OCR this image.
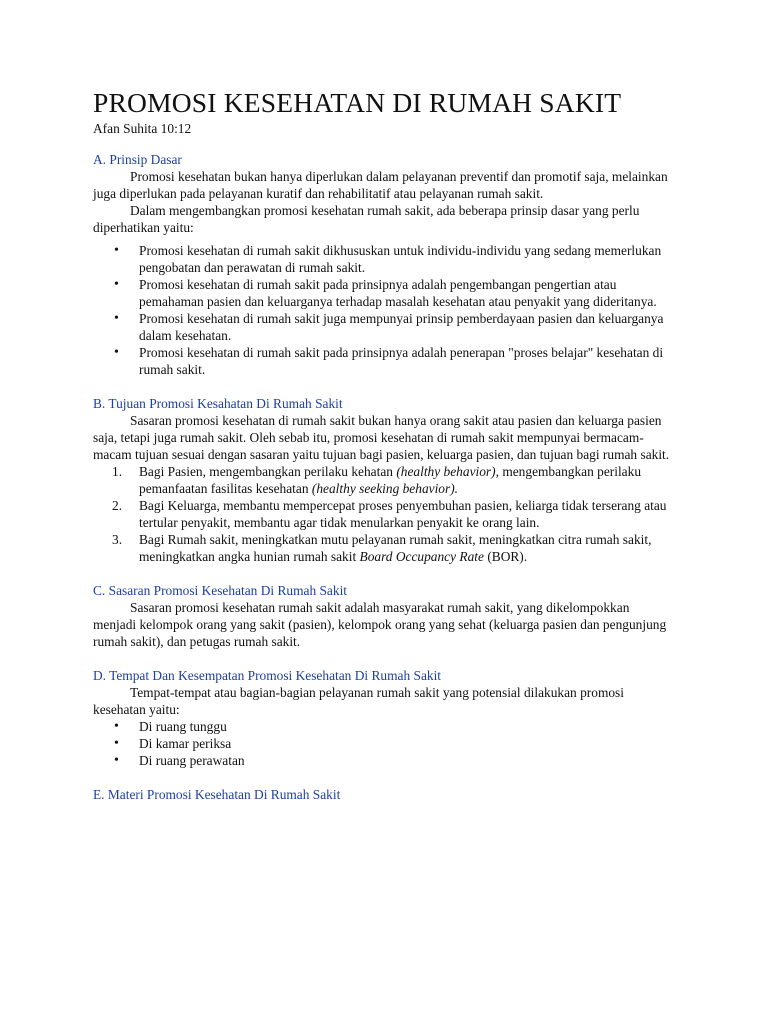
PROMOSI KESEHATAN DI RUMAH SAKIT
Afan Suhita 10:12
A. Prinsip Dasar

Promosi kesehatan bukan hanya diperlukan dalam pelayanan preventif dan promotif saja, melainkan juga diperlukan pada pelayanan kuratif dan rehabilitatif atau pelayanan rumah sakit.

Dalam mengembangkan promosi kesehatan rumah sakit, ada beberapa prinsip dasar yang perlu diperhatikan yaitu:

• Promosi kesehatan di rumah sakit dikhususkan untuk individu-individu yang sedang memerlukan pengobatan dan perawatan di rumah sakit.
• Promosi kesehatan di rumah sakit pada prinsipnya adalah pengembangan pengertian atau pemahaman pasien dan keluarganya terhadap masalah kesehatan atau penyakit yang dideritanya.
• Promosi kesehatan di rumah sakit juga mempunyai prinsip pemberdayaan pasien dan keluarganya dalam kesehatan.
• Promosi kesehatan di rumah sakit pada prinsipnya adalah penerapan "proses belajar" kesehatan di rumah sakit.
B. Tujuan Promosi Kesahatan Di Rumah Sakit

Sasaran promosi kesehatan di rumah sakit bukan hanya orang sakit atau pasien dan keluarga pasien saja, tetapi juga rumah sakit. Oleh sebab itu, promosi kesehatan di rumah sakit mempunyai bermacam-macam tujuan sesuai dengan sasaran yaitu tujuan bagi pasien, keluarga pasien, dan tujuan bagi rumah sakit.

1. Bagi Pasien, mengembangkan perilaku kehatan (healthy behavior), mengembangkan perilaku pemanfaatan fasilitas kesehatan (healthy seeking behavior).
2. Bagi Keluarga, membantu mempercepat proses penyembuhan pasien, keliarga tidak terserang atau tertular penyakit, membantu agar tidak menularkan penyakit ke orang lain.
3. Bagi Rumah sakit, meningkatkan mutu pelayanan rumah sakit, meningkatkan citra rumah sakit, meningkatkan angka hunian rumah sakit Board Occupancy Rate (BOR).
C. Sasaran Promosi Kesehatan Di Rumah Sakit

Sasaran promosi kesehatan rumah sakit adalah masyarakat rumah sakit, yang dikelompokkan menjadi kelompok orang yang sakit (pasien), kelompok orang yang sehat (keluarga pasien dan pengunjung rumah sakit), dan petugas rumah sakit.

D. Tempat Dan Kesempatan Promosi Kesehatan Di Rumah Sakit

Tempat-tempat atau bagian-bagian pelayanan rumah sakit yang potensial dilakukan promosi kesehatan yaitu:

• Di ruang tunggu
• Di kamar periksa
• Di ruang perawatan
E. Materi Promosi Kesehatan Di Rumah Sakit
